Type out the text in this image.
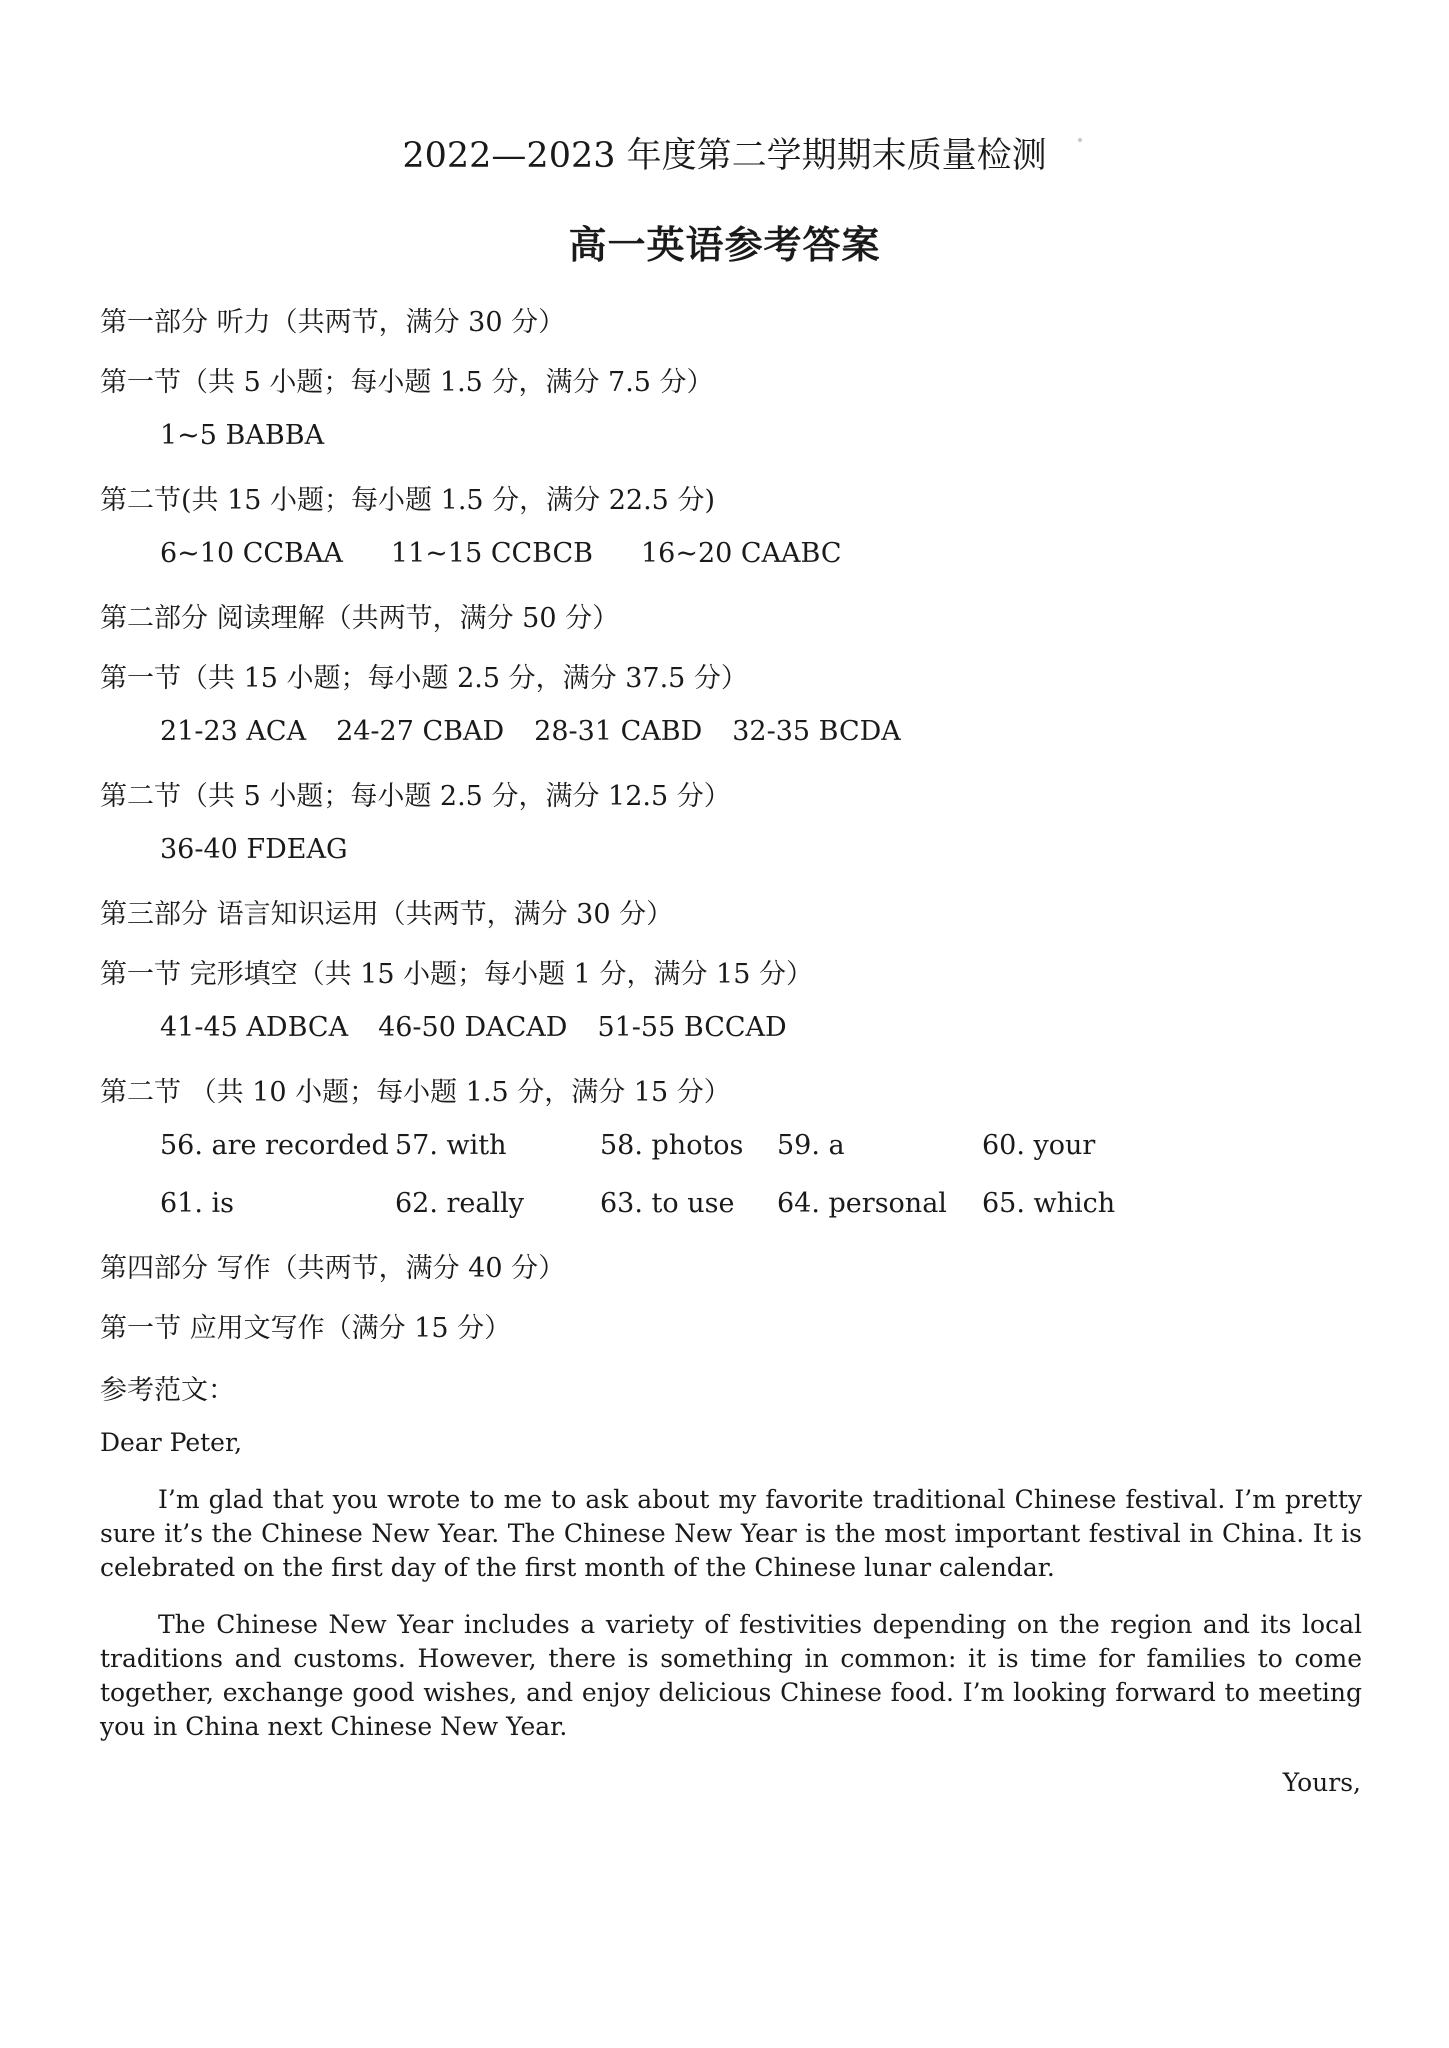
2022—2023 年度第二学期期末质量检测
高一英语参考答案
第一部分 听力（共两节，满分 30 分）
第一节（共 5 小题；每小题 1.5 分，满分 7.5 分）
1~5 BABBA
第二节(共 15 小题；每小题 1.5 分，满分 22.5 分)
6~10 CCBAA 11~15 CCBCB 16~20 CAABC
第二部分 阅读理解（共两节，满分 50 分）
第一节（共 15 小题；每小题 2.5 分，满分 37.5 分）
21-23 ACA 24-27 CBAD 28-31 CABD 32-35 BCDA
第二节（共 5 小题；每小题 2.5 分，满分 12.5 分）
36-40 FDEAG
第三部分 语言知识运用（共两节，满分 30 分）
第一节 完形填空（共 15 小题；每小题 1 分，满分 15 分）
41-45 ADBCA 46-50 DACAD 51-55 BCCAD
第二节 （共 10 小题；每小题 1.5 分，满分 15 分）
56. are recorded 57. with	58. photos 59. a	60. your
61. is	62. really	63. to use 64. personal 65. which
第四部分 写作（共两节，满分 40 分）
第一节 应用文写作（满分 15 分）
参考范文：
Dear Peter,

I’m glad that you wrote to me to ask about my favorite traditional Chinese festival. I’m pretty sure it’s the Chinese New Year. The Chinese New Year is the most important festival in China. It is celebrated on the first day of the first month of the Chinese lunar calendar.

The Chinese New Year includes a variety of festivities depending on the region and its local traditions and customs. However, there is something in common: it is time for families to come together, exchange good wishes, and enjoy delicious Chinese food. I’m looking forward to meeting you in China next Chinese New Year.

Yours,
